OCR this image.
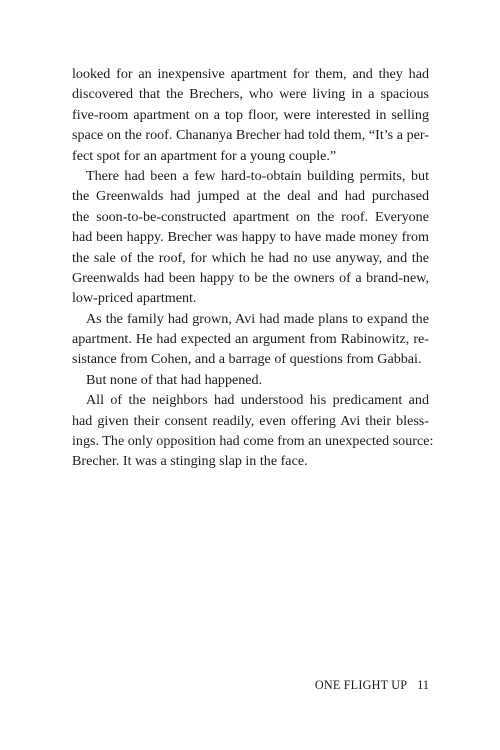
looked for an inexpensive apartment for them, and they had
discovered that the Brechers, who were living in a spacious
five-room apartment on a top floor, were interested in selling
space on the roof. Chananya Brecher had told them, “It’s a per-
fect spot for an apartment for a young couple.”
There had been a few hard-to-obtain building permits, but
the Greenwalds had jumped at the deal and had purchased
the soon-to-be-constructed apartment on the roof. Everyone
had been happy. Brecher was happy to have made money from
the sale of the roof, for which he had no use anyway, and the
Greenwalds had been happy to be the owners of a brand-new,
low-priced apartment.
As the family had grown, Avi had made plans to expand the
apartment. He had expected an argument from Rabinowitz, re-
sistance from Cohen, and a barrage of questions from Gabbai.
But none of that had happened.
All of the neighbors had understood his predicament and
had given their consent readily, even offering Avi their bless-
ings. The only opposition had come from an unexpected source:
Brecher. It was a stinging slap in the face.
ONE FLIGHT UP 11
